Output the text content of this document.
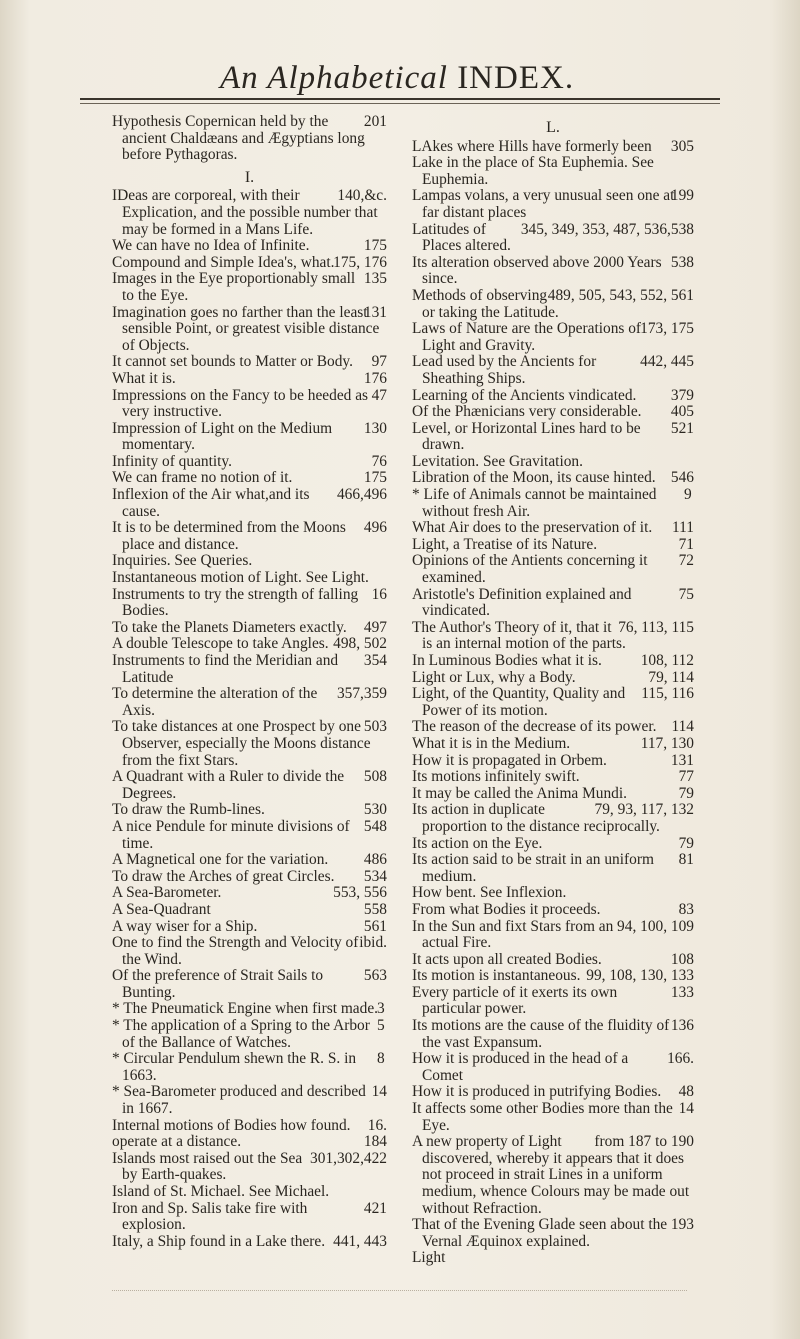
An Alphabetical INDEX.

201
Hypothesis Copernican held by the ancient Chaldæans and Ægyptians long before Pythagoras.

I.

140,&c.
IDeas are corporeal, with their Explication, and the possible number that may be formed in a Mans Life.

175
We can have no Idea of Infinite.

175, 176
Compound and Simple Idea's, what.

135
Images in the Eye proportionably small to the Eye.

131
Imagination goes no farther than the least sensible Point, or greatest visible distance of Objects.

97
It cannot set bounds to Matter or Body.

176
What it is.

47
Impressions on the Fancy to be heeded as very instructive.

130
Impression of Light on the Medium momentary.

76
Infinity of quantity.

175
We can frame no notion of it.

466,496
Inflexion of the Air what,and its cause.

496
It is to be determined from the Moons place and distance.

Inquiries. See Queries.

Instantaneous motion of Light. See Light.

16
Instruments to try the strength of falling Bodies.

497
To take the Planets Diameters exactly.

498, 502
A double Telescope to take Angles.

354
Instruments to find the Meridian and Latitude

357,359
To determine the alteration of the Axis.

503
To take distances at one Prospect by one Observer, especially the Moons distance from the fixt Stars.

508
A Quadrant with a Ruler to divide the Degrees.

530
To draw the Rumb-lines.

548
A nice Pendule for minute divisions of time.

486
A Magnetical one for the variation.

534
To draw the Arches of great Circles.

553, 556
A Sea-Barometer.

558
A Sea-Quadrant

561
A way wiser for a Ship.

ibid.
One to find the Strength and Velocity of the Wind.

563
Of the preference of Strait Sails to Bunting.

3
* The Pneumatick Engine when first made.

5
* The application of a Spring to the Arbor of the Ballance of Watches.

8
* Circular Pendulum shewn the R. S. in 1663.

14
* Sea-Barometer produced and described in 1667.

16.
Internal motions of Bodies how found.

184
operate at a distance.

301,302,422
Islands most raised out the Sea by Earth-quakes.

Island of St. Michael. See Michael.

421
Iron and Sp. Salis take fire with explosion.

441, 443
Italy, a Ship found in a Lake there.

L.

305
LAkes where Hills have formerly been

Lake in the place of Sta Euphemia. See Euphemia.

199
Lampas volans, a very unusual seen one at far distant places

345, 349, 353, 487, 536,538
Latitudes of Places altered.

538
Its alteration observed above 2000 Years since.

489, 505, 543, 552, 561
Methods of observing or taking the Latitude.

173, 175
Laws of Nature are the Operations of Light and Gravity.

442, 445
Lead used by the Ancients for Sheathing Ships.

379
Learning of the Ancients vindicated.

405
Of the Phænicians very considerable.

521
Level, or Horizontal Lines hard to be drawn.

Levitation. See Gravitation.

546
Libration of the Moon, its cause hinted.

9
* Life of Animals cannot be maintained without fresh Air.

111
What Air does to the preservation of it.

71
Light, a Treatise of its Nature.

72
Opinions of the Antients concerning it examined.

75
Aristotle's Definition explained and vindicated.

76, 113, 115
The Author's Theory of it, that it is an internal motion of the parts.

108, 112
In Luminous Bodies what it is.

79, 114
Light or Lux, why a Body.

115, 116
Light, of the Quantity, Quality and Power of its motion.

114
The reason of the decrease of its power.

117, 130
What it is in the Medium.

131
How it is propagated in Orbem.

77
Its motions infinitely swift.

79
It may be called the Anima Mundi.

79, 93, 117, 132
Its action in duplicate proportion to the distance reciprocally.

79
Its action on the Eye.

81
Its action said to be strait in an uniform medium.

How bent. See Inflexion.

83
From what Bodies it proceeds.

94, 100, 109
In the Sun and fixt Stars from an actual Fire.

108
It acts upon all created Bodies.

99, 108, 130, 133
Its motion is instantaneous.

133
Every particle of it exerts its own particular power.

136
Its motions are the cause of the fluidity of the vast Expansum.

166.
How it is produced in the head of a Comet

48
How it is produced in putrifying Bodies.

14
It affects some other Bodies more than the Eye.

from 187 to 190
A new property of Light discovered, whereby it appears that it does not proceed in strait Lines in a uniform medium, whence Colours may be made out without Refraction.

193
That of the Evening Glade seen about the Vernal Æquinox explained.

Light
